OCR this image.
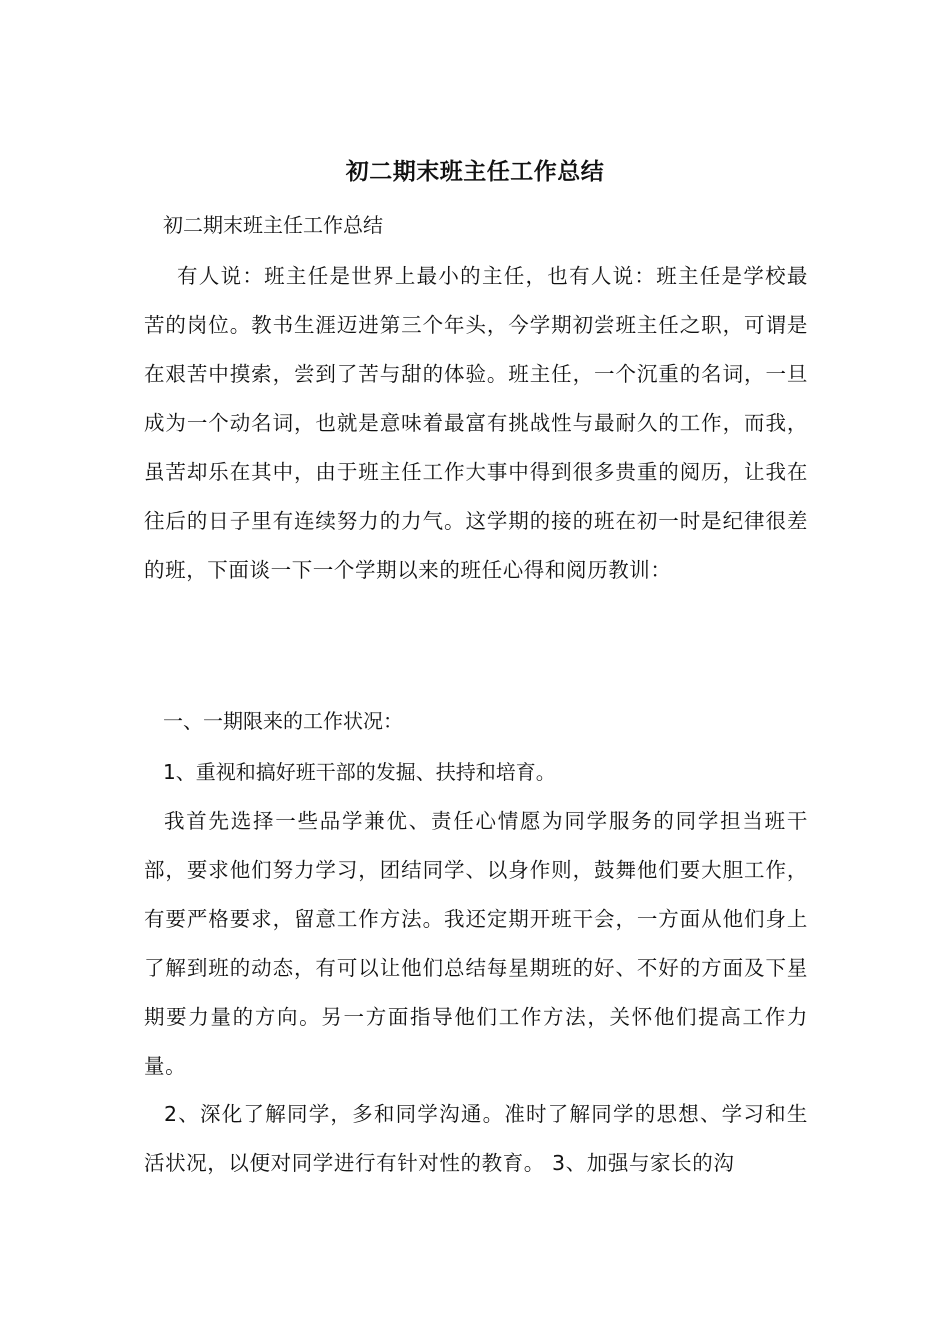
初二期末班主任工作总结
初二期末班主任工作总结

有人说：班主任是世界上最小的主任，也有人说：班主任是学校最苦的岗位。教书生涯迈进第三个年头，今学期初尝班主任之职，可谓是在艰苦中摸索，尝到了苦与甜的体验。班主任，一个沉重的名词，一旦成为一个动名词，也就是意味着最富有挑战性与最耐久的工作，而我，虽苦却乐在其中，由于班主任工作大事中得到很多贵重的阅历，让我在往后的日子里有连续努力的力气。这学期的接的班在初一时是纪律很差的班，下面谈一下一个学期以来的班任心得和阅历教训：

一、一期限来的工作状况：
1、重视和搞好班干部的发掘、扶持和培育。

我首先选择一些品学兼优、责任心情愿为同学服务的同学担当班干部，要求他们努力学习，团结同学、以身作则，鼓舞他们要大胆工作，有要严格要求，留意工作方法。我还定期开班干会，一方面从他们身上了解到班的动态，有可以让他们总结每星期班的好、不好的方面及下星期要力量的方向。另一方面指导他们工作方法，关怀他们提高工作力量。

2、深化了解同学，多和同学沟通。准时了解同学的思想、学习和生活状况，以便对同学进行有针对性的教育。 3、加强与家长的沟
